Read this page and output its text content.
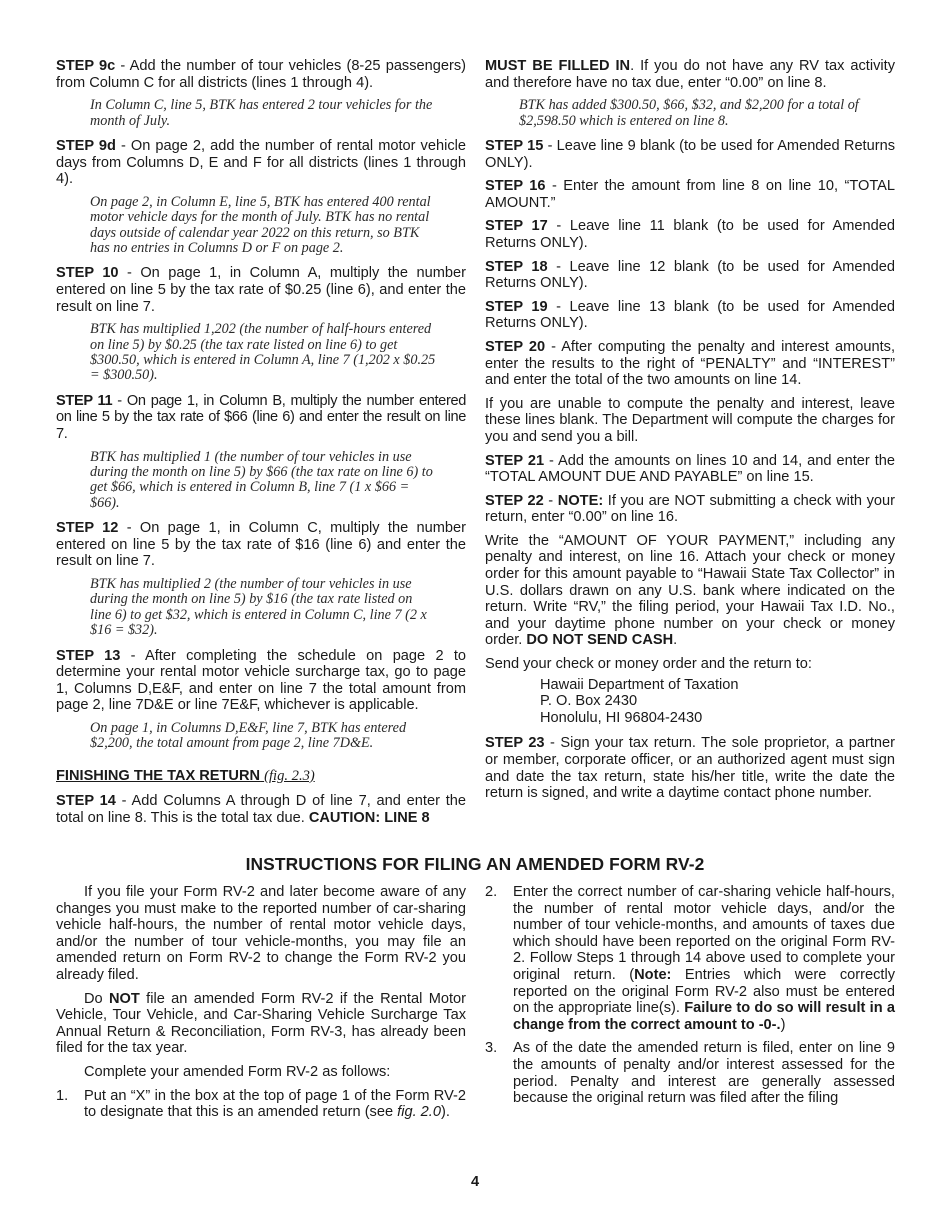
STEP 9c - Add the number of tour vehicles (8-25 passengers) from Column C for all districts (lines 1 through 4).

In Column C, line 5, BTK has entered 2 tour vehicles for the month of July.

STEP 9d - On page 2, add the number of rental motor vehicle days from Columns D, E and F for all districts (lines 1 through 4).

On page 2, in Column E, line 5, BTK has entered 400 rental motor vehicle days for the month of July. BTK has no rental days outside of calendar year 2022 on this return, so BTK has no entries in Columns D or F on page 2.

STEP 10 - On page 1, in Column A, multiply the number entered on line 5 by the tax rate of $0.25 (line 6), and enter the result on line 7.

BTK has multiplied 1,202 (the number of half-hours entered on line 5) by $0.25 (the tax rate listed on line 6) to get $300.50, which is entered in Column A, line 7 (1,202 x $0.25 = $300.50).

STEP 11 - On page 1, in Column B, multiply the number entered on line 5 by the tax rate of $66 (line 6) and enter the result on line 7.

BTK has multiplied 1 (the number of tour vehicles in use during the month on line 5) by $66 (the tax rate on line 6) to get $66, which is entered in Column B, line 7 (1 x $66 = $66).

STEP 12 - On page 1, in Column C, multiply the number entered on line 5 by the tax rate of $16 (line 6) and enter the result on line 7.

BTK has multiplied 2 (the number of tour vehicles in use during the month on line 5) by $16 (the tax rate listed on line 6) to get $32, which is entered in Column C, line 7 (2 x $16 = $32).

STEP 13 - After completing the schedule on page 2 to determine your rental motor vehicle surcharge tax, go to page 1, Columns D,E&F, and enter on line 7 the total amount from page 2, line 7D&E or line 7E&F, whichever is applicable.

On page 1, in Columns D,E&F, line 7, BTK has entered $2,200, the total amount from page 2, line 7D&E.

FINISHING THE TAX RETURN (fig. 2.3)

STEP 14 - Add Columns A through D of line 7, and enter the total on line 8. This is the total tax due. CAUTION: LINE 8

MUST BE FILLED IN. If you do not have any RV tax activity and therefore have no tax due, enter “0.00” on line 8.

BTK has added $300.50, $66, $32, and $2,200 for a total of $2,598.50 which is entered on line 8.

STEP 15 - Leave line 9 blank (to be used for Amended Returns ONLY).

STEP 16 - Enter the amount from line 8 on line 10, “TOTAL AMOUNT.”

STEP 17 - Leave line 11 blank (to be used for Amended Returns ONLY).

STEP 18 - Leave line 12 blank (to be used for Amended Returns ONLY).

STEP 19 - Leave line 13 blank (to be used for Amended Returns ONLY).

STEP 20 - After computing the penalty and interest amounts, enter the results to the right of “PENALTY” and “INTEREST” and enter the total of the two amounts on line 14.

If you are unable to compute the penalty and interest, leave these lines blank. The Department will compute the charges for you and send you a bill.

STEP 21 - Add the amounts on lines 10 and 14, and enter the “TOTAL AMOUNT DUE AND PAYABLE” on line 15.

STEP 22 - NOTE: If you are NOT submitting a check with your return, enter “0.00” on line 16.

Write the “AMOUNT OF YOUR PAYMENT,” including any penalty and interest, on line 16. Attach your check or money order for this amount payable to “Hawaii State Tax Collector” in U.S. dollars drawn on any U.S. bank where indicated on the return. Write “RV,” the filing period, your Hawaii Tax I.D. No., and your daytime phone number on your check or money order. DO NOT SEND CASH.

Send your check or money order and the return to:

Hawaii Department of Taxation
P. O. Box 2430
Honolulu, HI 96804-2430

STEP 23 - Sign your tax return. The sole proprietor, a partner or member, corporate officer, or an authorized agent must sign and date the tax return, state his/her title, write the date the return is signed, and write a daytime contact phone number.

INSTRUCTIONS FOR FILING AN AMENDED FORM RV-2

If you file your Form RV-2 and later become aware of any changes you must make to the reported number of car-sharing vehicle half-hours, the number of rental motor vehicle days, and/or the number of tour vehicle-months, you may file an amended return on Form RV-2 to change the Form RV-2 you already filed.

Do NOT file an amended Form RV-2 if the Rental Motor Vehicle, Tour Vehicle, and Car-Sharing Vehicle Surcharge Tax Annual Return & Reconciliation, Form RV-3, has already been filed for the tax year.

Complete your amended Form RV-2 as follows:

1.	Put an “X” in the box at the top of page 1 of the Form RV-2 to designate that this is an amended return (see fig. 2.0).
2.	Enter the correct number of car-sharing vehicle half-hours, the number of rental motor vehicle days, and/or the number of tour vehicle-months, and amounts of taxes due which should have been reported on the original Form RV-2. Follow Steps 1 through 14 above used to complete your original return. (Note: Entries which were correctly reported on the original Form RV-2 also must be entered on the appropriate line(s). Failure to do so will result in a change from the correct amount to -0-.)
3.	As of the date the amended return is filed, enter on line 9 the amounts of penalty and/or interest assessed for the period. Penalty and interest are generally assessed because the original return was filed after the filing
4
